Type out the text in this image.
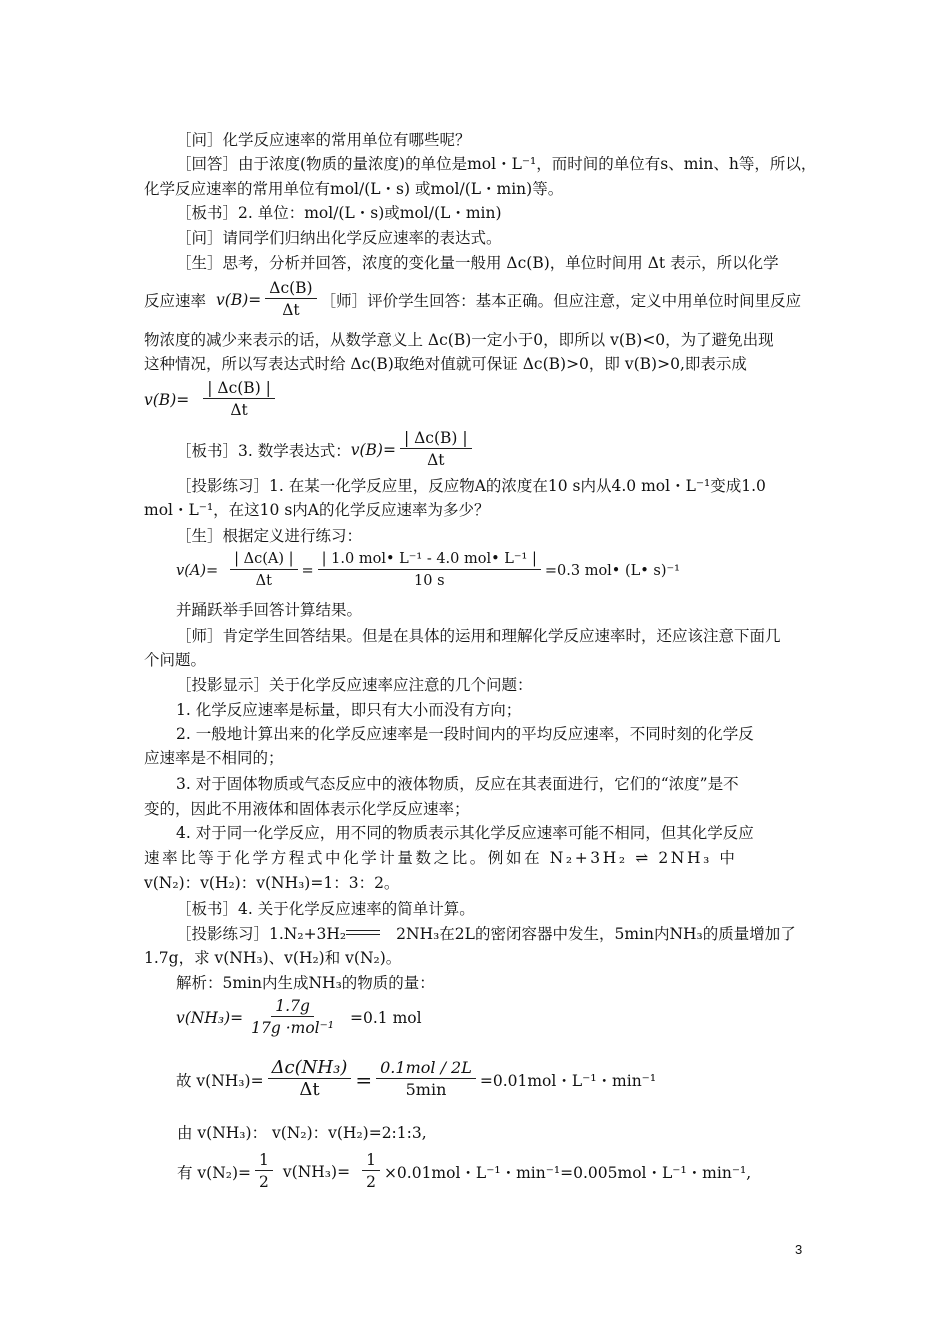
［问］化学反应速率的常用单位有哪些呢？
［回答］由于浓度(物质的量浓度)的单位是mol・L⁻¹，而时间的单位有s、min、h等，所以，
化学反应速率的常用单位有mol/(L・s) 或mol/(L・min)等。
［板书］2. 单位：mol/(L・s)或mol/(L・min)
［问］请同学们归纳出化学反应速率的表达式。
［生］思考，分析并回答，浓度的变化量一般用 Δc(B)，单位时间用 Δt 表示，所以化学
反应速率 $v(B)= \frac{\Delta c(B)}{\Delta t}$ ［师］评价学生回答：基本正确。但应注意，定义中用单位时间里反应
物浓度的减少来表示的话，从数学意义上 Δc(B)一定小于0，即所以 v(B)<0，为了避免出现
这种情况，所以写表达式时给 Δc(B)取绝对值就可保证 Δc(B)>0，即 v(B)>0,即表示成
$v(B)= \frac{| \Delta c(B) |}{\Delta t}$
［板书］3. 数学表达式： $v(B)= \frac{| \Delta c(B) |}{\Delta t}$
［投影练习］1. 在某一化学反应里，反应物A的浓度在10 s内从4.0 mol・L⁻¹变成1.0
mol・L⁻¹，在这10 s内A的化学反应速率为多少？
［生］根据定义进行练习：
$v(A)= \frac{| \Delta c(A) |}{\Delta t} = \frac{\text{| 1.0 mol• L⁻¹ - 4.0 mol• L⁻¹ |}}{10 s} =0.3$ mol• (L• s)⁻¹
并踊跃举手回答计算结果。
［师］肯定学生回答结果。但是在具体的运用和理解化学反应速率时，还应该注意下面几
个问题。
［投影显示］关于化学反应速率应注意的几个问题：
1. 化学反应速率是标量，即只有大小而没有方向；
2. 一般地计算出来的化学反应速率是一段时间内的平均反应速率，不同时刻的化学反
应速率是不相同的；
3. 对于固体物质或气态反应中的液体物质，反应在其表面进行，它们的“浓度”是不
变的，因此不用液体和固体表示化学反应速率；
4. 对于同一化学反应，用不同的物质表示其化学反应速率可能不相同，但其化学反应
速率比等于化学方程式中化学计量数之比。例如在 N₂+3H₂ ⇌ 2NH₃ 中
v(N₂)：v(H₂)：v(NH₃)=1：3：2。
［板书］4. 关于化学反应速率的简单计算。
［投影练习］1.N₂+3H₂	2NH₃在2L的密闭容器中发生，5min内NH₃的质量增加了
1.7g，求 v(NH₃)、v(H₂)和 v(N₂)。
解析：5min内生成NH₃的物质的量：
$v(NH_3)= \frac{1.7g}{\text{17g ·mol⁻¹}} =0.1$ mol
故 $v(NH_3)= \frac{\text{Δc(NH₃)}}{\Delta t} = \frac{\text{0.1mol / 2L}}{5\min} =0.01mol$・L⁻¹・min⁻¹
由 v(NH₃)： v(N₂)：v(H₂)=2:1:3,
有 $v(N_2)= \frac{1}{2} v(NH_3)= \frac{1}{2} \times 0.01mol$・L⁻¹・min⁻¹=0.005mol・L⁻¹・min⁻¹,
3
